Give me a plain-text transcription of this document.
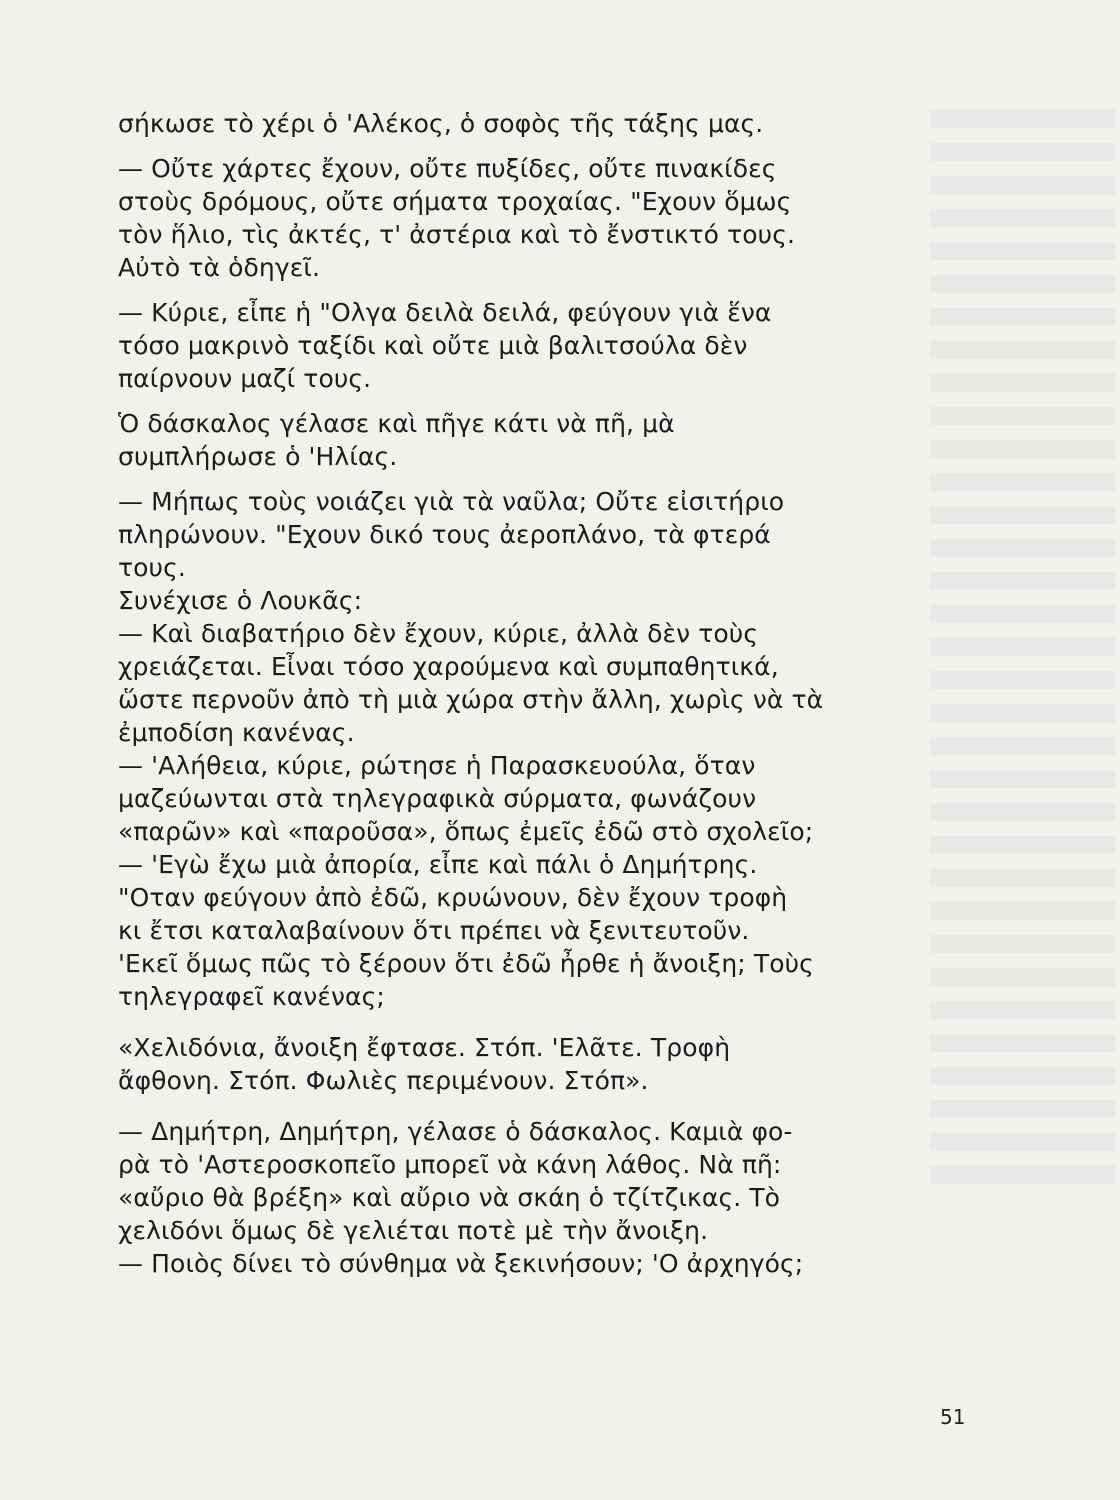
σήκωσε τὸ χέρι ὁ 'Αλέκος, ὁ σοφὸς τῆς τάξης μας.

— Οὔτε χάρτες ἔχουν, οὔτε πυξίδες, οὔτε πινακίδες

στοὺς δρόμους, οὔτε σήματα τροχαίας. "Εχουν ὅμως

τὸν ἥλιο, τὶς ἀκτές, τ' ἀστέρια καὶ τὸ ἔνστικτό τους.

Αὐτὸ τὰ ὁδηγεῖ.

— Κύριε, εἶπε ἡ "Ολγα δειλὰ δειλά, φεύγουν γιὰ ἕνα

τόσο μακρινὸ ταξίδι καὶ οὔτε μιὰ βαλιτσούλα δὲν

παίρνουν μαζί τους.

Ὁ δάσκαλος γέλασε καὶ πῆγε κάτι νὰ πῆ, μὰ

συμπλήρωσε ὁ 'Ηλίας.

— Μήπως τοὺς νοιάζει γιὰ τὰ ναῦλα; Οὔτε εἰσιτήριο

πληρώνουν. "Εχουν δικό τους ἀεροπλάνο, τὰ φτερά

τους.

Συνέχισε ὁ Λουκᾶς:

— Καὶ διαβατήριο δὲν ἔχουν, κύριε, ἀλλὰ δὲν τοὺς

χρειάζεται. Εἶναι τόσο χαρούμενα καὶ συμπαθητικά,

ὥστε περνοῦν ἀπὸ τὴ μιὰ χώρα στὴν ἄλλη, χωρὶς νὰ τὰ

ἐμποδίση κανένας.

— 'Αλήθεια, κύριε, ρώτησε ἡ Παρασκευούλα, ὅταν

μαζεύωνται στὰ τηλεγραφικὰ σύρματα, φωνάζουν

«παρῶν» καὶ «παροῦσα», ὅπως ἐμεῖς ἐδῶ στὸ σχολεῖο;

— 'Εγὼ ἔχω μιὰ ἀπορία, εἶπε καὶ πάλι ὁ Δημήτρης.

"Οταν φεύγουν ἀπὸ ἐδῶ, κρυώνουν, δὲν ἔχουν τροφὴ

κι ἔτσι καταλαβαίνουν ὅτι πρέπει νὰ ξενιτευτοῦν.

'Εκεῖ ὅμως πῶς τὸ ξέρουν ὅτι ἐδῶ ἦρθε ἡ ἄνοιξη; Τοὺς

τηλεγραφεῖ κανένας;

«Χελιδόνια, ἄνοιξη ἔφτασε. Στόπ. 'Ελᾶτε. Τροφὴ

ἄφθονη. Στόπ. Φωλιὲς περιμένουν. Στόπ».

— Δημήτρη, Δημήτρη, γέλασε ὁ δάσκαλος. Καμιὰ φο-

ρὰ τὸ 'Αστεροσκοπεῖο μπορεῖ νὰ κάνη λάθος. Νὰ πῆ:

«αὔριο θὰ βρέξη» καὶ αὔριο νὰ σκάη ὁ τζίτζικας. Τὸ

χελιδόνι ὅμως δὲ γελιέται ποτὲ μὲ τὴν ἄνοιξη.

— Ποιὸς δίνει τὸ σύνθημα νὰ ξεκινήσουν; 'Ο ἀρχηγός;

51
